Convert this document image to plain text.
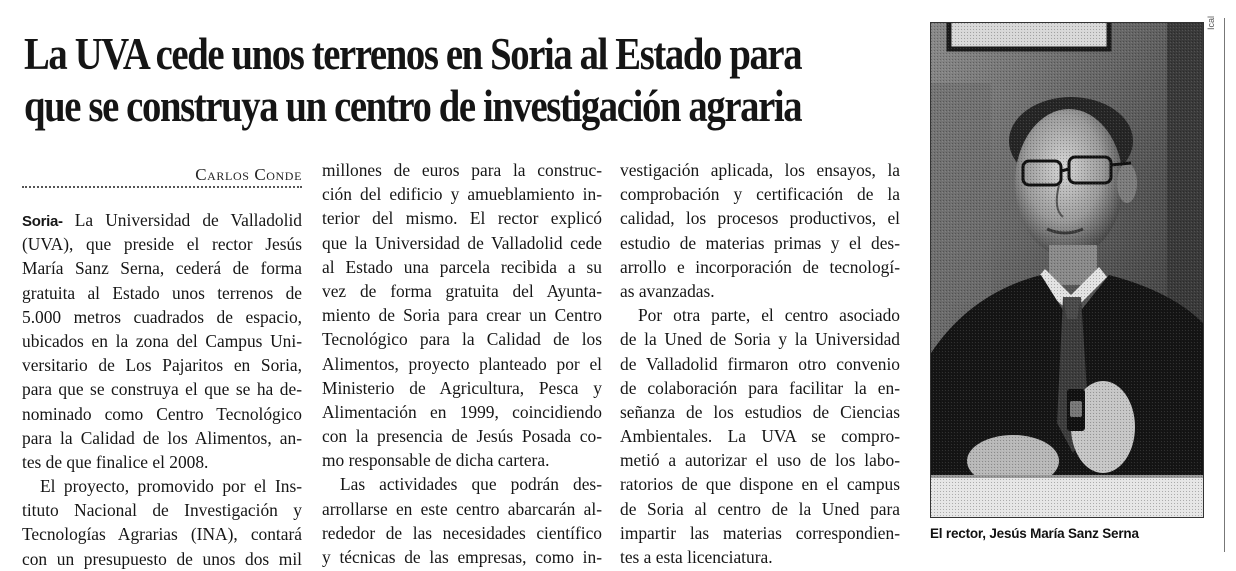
La UVA cede unos terrenos en Soria al Estado para
que se construya un centro de investigación agraria
Carlos Conde
Soria- La Universidad de Valladolid
(UVA), que preside el rector Jesús
María Sanz Serna, cederá de forma
gratuita al Estado unos terrenos de
5.000 metros cuadrados de espacio,
ubicados en la zona del Campus Uni-
versitario de Los Pajaritos en Soria,
para que se construya el que se ha de-
nominado como Centro Tecnológico
para la Calidad de los Alimentos, an-
tes de que finalice el 2008.
El proyecto, promovido por el Ins-
tituto Nacional de Investigación y
Tecnologías Agrarias (INA), contará
con un presupuesto de unos dos mil
millones de euros para la construc-
ción del edificio y amueblamiento in-
terior del mismo. El rector explicó
que la Universidad de Valladolid cede
al Estado una parcela recibida a su
vez de forma gratuita del Ayunta-
miento de Soria para crear un Centro
Tecnológico para la Calidad de los
Alimentos, proyecto planteado por el
Ministerio de Agricultura, Pesca y
Alimentación en 1999, coincidiendo
con la presencia de Jesús Posada co-
mo responsable de dicha cartera.
Las actividades que podrán des-
arrollarse en este centro abarcarán al-
rededor de las necesidades científico
y técnicas de las empresas, como in-
vestigación aplicada, los ensayos, la
comprobación y certificación de la
calidad, los procesos productivos, el
estudio de materias primas y el des-
arrollo e incorporación de tecnologí-
as avanzadas.
Por otra parte, el centro asociado
de la Uned de Soria y la Universidad
de Valladolid firmaron otro convenio
de colaboración para facilitar la en-
señanza de los estudios de Ciencias
Ambientales. La UVA se compro-
metió a autorizar el uso de los labo-
ratorios de que dispone en el campus
de Soria al centro de la Uned para
impartir las materias correspondien-
tes a esta licenciatura.
Ical
El rector, Jesús María Sanz Serna
